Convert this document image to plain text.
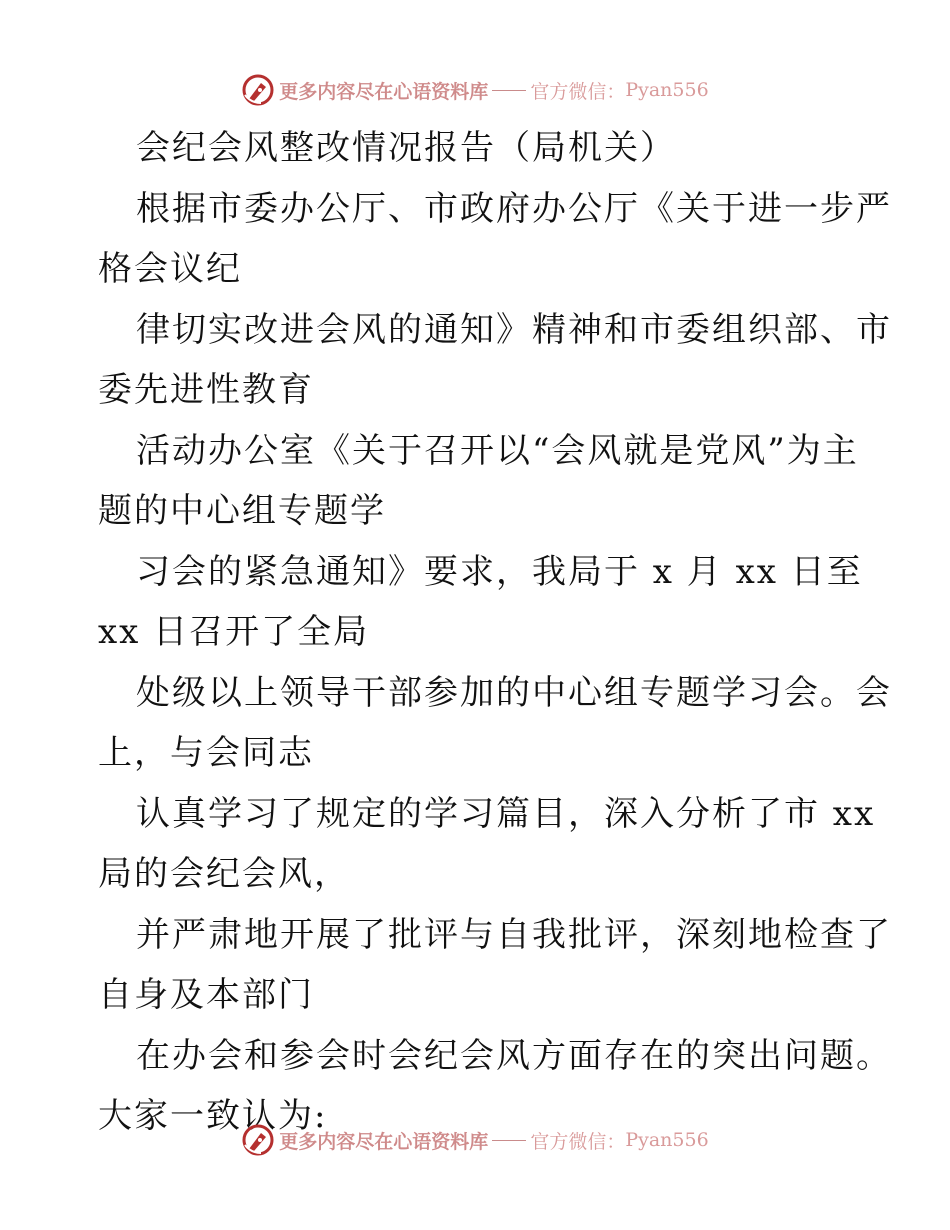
更多内容尽在心语资料库 官方微信： Pyan556
会纪会风整改情况报告（局机关）
根据市委办公厅、市政府办公厅《关于进一步严
格会议纪
律切实改进会风的通知》精神和市委组织部、市
委先进性教育
活动办公室《关于召开以“会风就是党风”为主
题的中心组专题学
习会的紧急通知》要求，我局于 x 月 xx 日至
xx 日召开了全局
处级以上领导干部参加的中心组专题学习会。会
上，与会同志
认真学习了规定的学习篇目，深入分析了市 xx
局的会纪会风，
并严肃地开展了批评与自我批评，深刻地检查了
自身及本部门
在办会和参会时会纪会风方面存在的突出问题。
大家一致认为:
更多内容尽在心语资料库 官方微信： Pyan556
